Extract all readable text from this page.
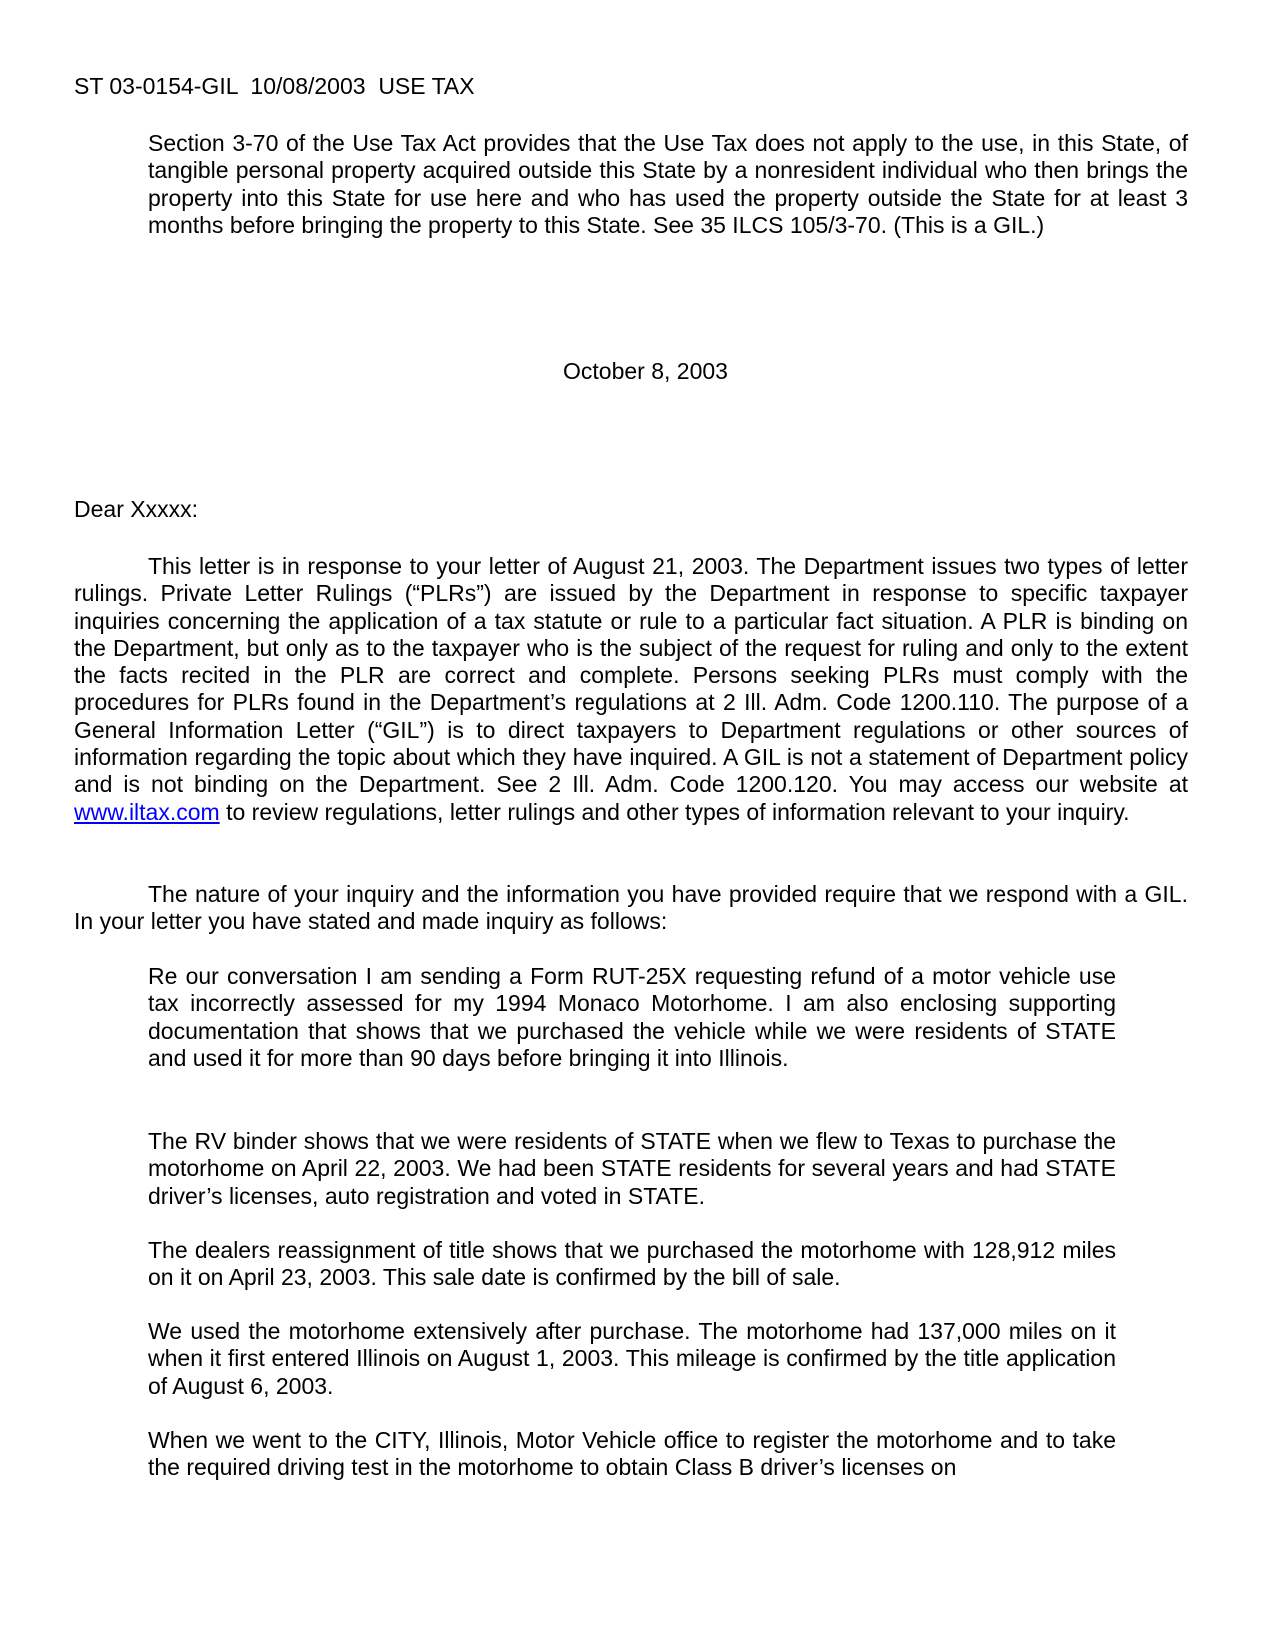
ST 03-0154-GIL  10/08/2003  USE TAX

Section 3-70 of the Use Tax Act provides that the Use Tax does not apply to the use, in this State, of tangible personal property acquired outside this State by a nonresident individual who then brings the property into this State for use here and who has used the property outside the State for at least 3 months before bringing the property to this State. See 35 ILCS 105/3-70. (This is a GIL.)

October 8, 2003
Dear Xxxxx:

This letter is in response to your letter of August 21, 2003. The Department issues two types of letter rulings. Private Letter Rulings (“PLRs”) are issued by the Department in response to specific taxpayer inquiries concerning the application of a tax statute or rule to a particular fact situation. A PLR is binding on the Department, but only as to the taxpayer who is the subject of the request for ruling and only to the extent the facts recited in the PLR are correct and complete. Persons seeking PLRs must comply with the procedures for PLRs found in the Department’s regulations at 2 Ill. Adm. Code 1200.110. The purpose of a General Information Letter (“GIL”) is to direct taxpayers to Department regulations or other sources of information regarding the topic about which they have inquired. A GIL is not a statement of Department policy and is not binding on the Department. See 2 Ill. Adm. Code 1200.120. You may access our website at www.iltax.com to review regulations, letter rulings and other types of information relevant to your inquiry.

The nature of your inquiry and the information you have provided require that we respond with a GIL. In your letter you have stated and made inquiry as follows:

Re our conversation I am sending a Form RUT-25X requesting refund of a motor vehicle use tax incorrectly assessed for my 1994 Monaco Motorhome. I am also enclosing supporting documentation that shows that we purchased the vehicle while we were residents of STATE and used it for more than 90 days before bringing it into Illinois.

The RV binder shows that we were residents of STATE when we flew to Texas to purchase the motorhome on April 22, 2003. We had been STATE residents for several years and had STATE driver’s licenses, auto registration and voted in STATE.

The dealers reassignment of title shows that we purchased the motorhome with 128,912 miles on it on April 23, 2003. This sale date is confirmed by the bill of sale.

We used the motorhome extensively after purchase. The motorhome had 137,000 miles on it when it first entered Illinois on August 1, 2003. This mileage is confirmed by the title application of August 6, 2003.

When we went to the CITY, Illinois, Motor Vehicle office to register the motorhome and to take the required driving test in the motorhome to obtain Class B driver’s licenses on
